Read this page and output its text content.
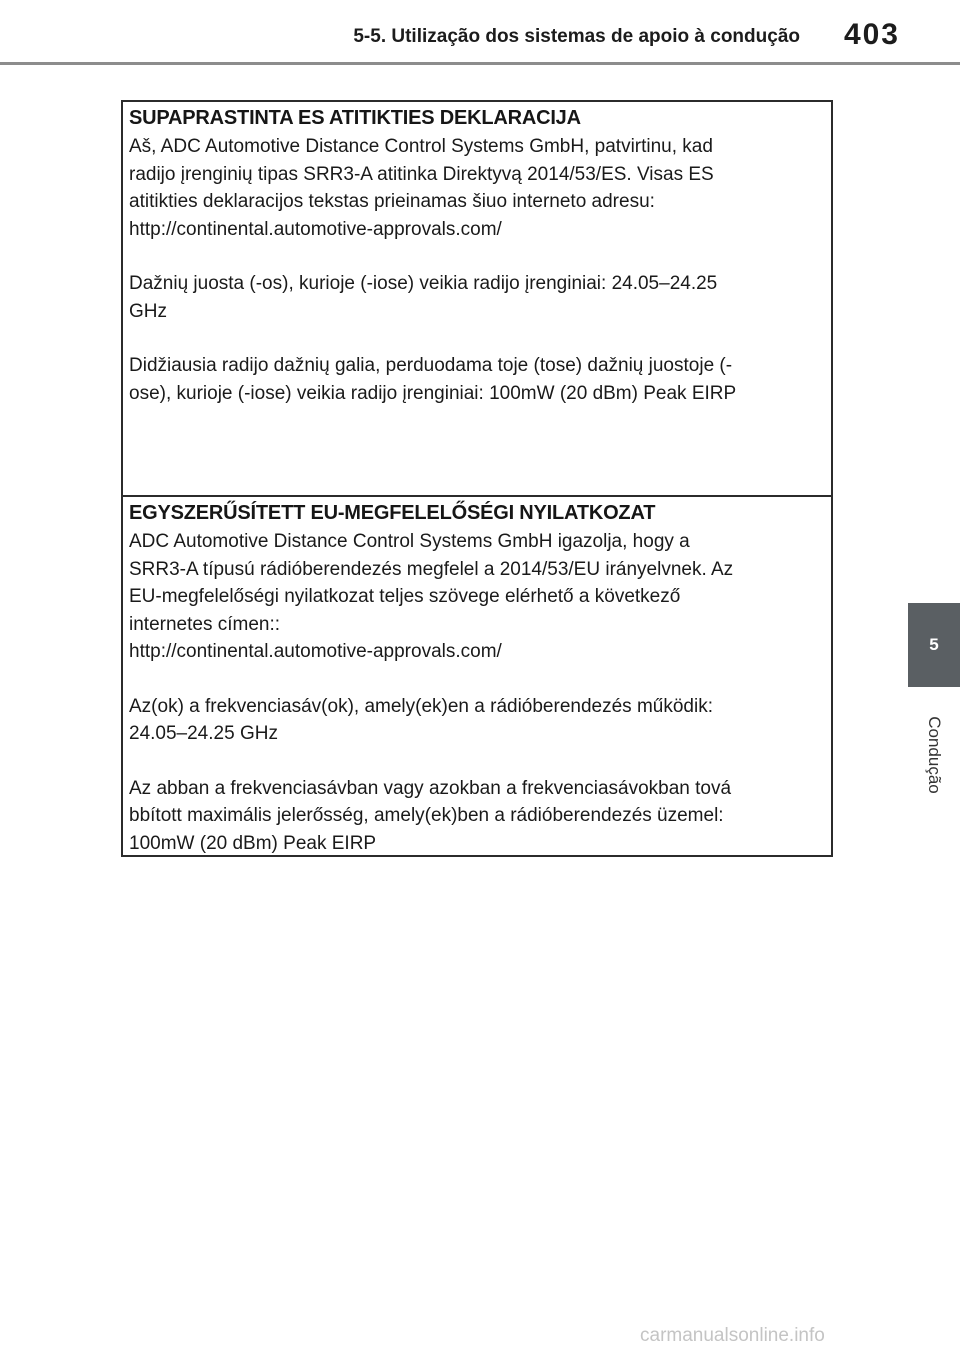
5-5. Utilização dos sistemas de apoio à condução	403
5
Condução

SUPAPRASTINTA ES ATITIKTIES DEKLARACIJA

Aš, ADC Automotive Distance Control Systems GmbH, patvirtinu, kad

radijo įrenginių tipas SRR3-A atitinka Direktyvą 2014/53/ES. Visas ES

atitikties deklaracijos tekstas prieinamas šiuo interneto adresu:

http://continental.automotive-approvals.com/

Dažnių juosta (-os), kurioje (-iose) veikia radijo įrenginiai: 24.05–24.25

GHz

Didžiausia radijo dažnių galia, perduodama toje (tose) dažnių juostoje (-

ose), kurioje (-iose) veikia radijo įrenginiai: 100mW (20 dBm) Peak EIRP

EGYSZERŰSÍTETT EU-MEGFELELŐSÉGI NYILATKOZAT

ADC Automotive Distance Control Systems GmbH igazolja, hogy a

SRR3-A típusú rádióberendezés megfelel a 2014/53/EU irányelvnek. Az

EU-megfelelőségi nyilatkozat teljes szövege elérhető a következő

internetes címen::

http://continental.automotive-approvals.com/

Az(ok) a frekvenciasáv(ok), amely(ek)en a rádióberendezés működik:

24.05–24.25 GHz

Az abban a frekvenciasávban vagy azokban a frekvenciasávokban tová

bbított maximális jelerősség, amely(ek)ben a rádióberendezés üzemel:

100mW (20 dBm) Peak EIRP

carmanualsonline.info
